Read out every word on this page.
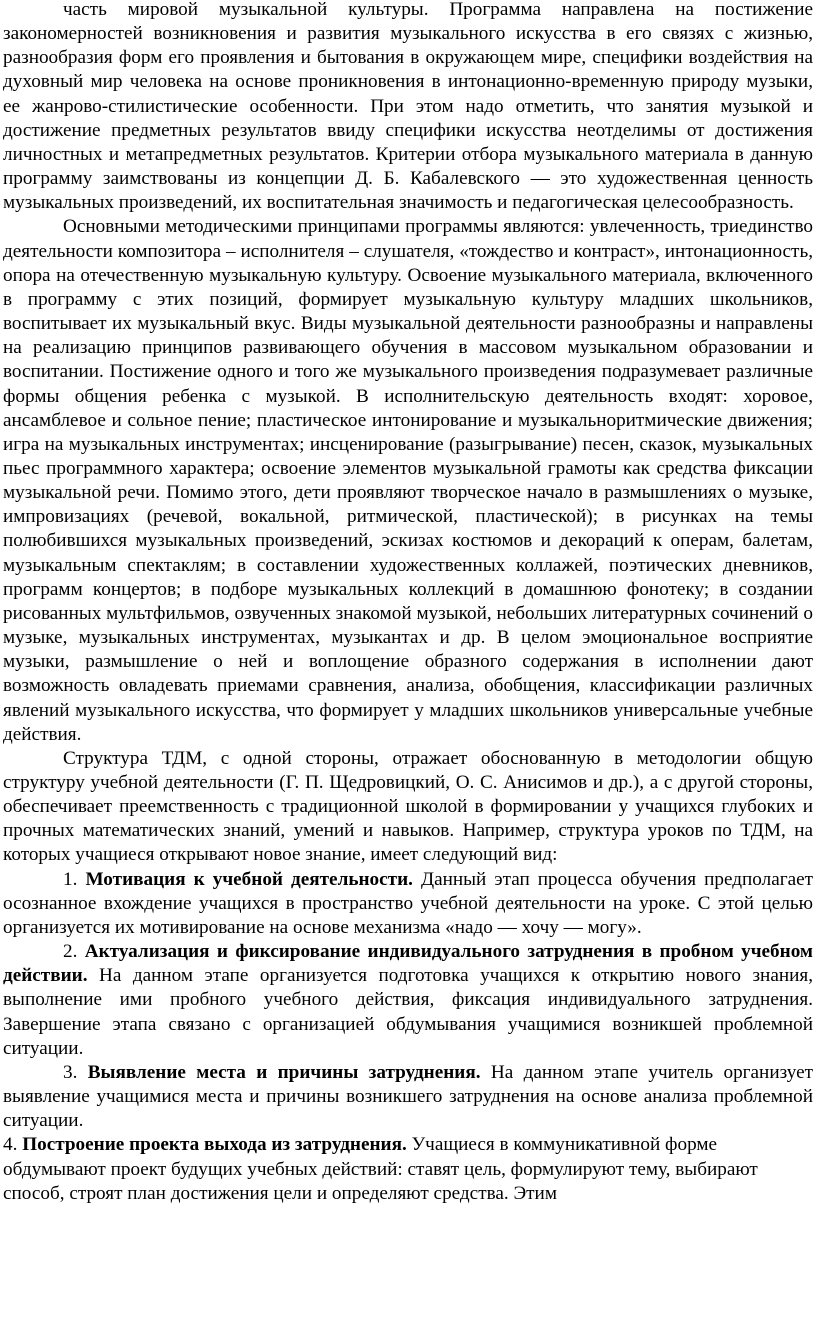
часть мировой музыкальной культуры. Программа направлена на постижение закономерностей возникновения и развития музыкального искусства в его связях с жизнью, разнообразия форм его проявления и бытования в окружающем мире, специфики воздействия на духовный мир человека на основе проникновения в интонационно-временную природу музыки, ее жанрово-стилистические особенности. При этом надо отметить, что занятия музыкой и достижение предметных результатов ввиду специфики искусства неотделимы от достижения личностных и метапредметных результатов. Критерии отбора музыкального материала в данную программу заимствованы из концепции Д. Б. Кабалевского — это художественная ценность музыкальных произведений, их воспитательная значимость и педагогическая целесообразность.

Основными методическими принципами программы являются: увлеченность, триединство деятельности композитора – исполнителя – слушателя, «тождество и контраст», интонационность, опора на отечественную музыкальную культуру. Освоение музыкального материала, включенного в программу с этих позиций, формирует музыкальную культуру младших школьников, воспитывает их музыкальный вкус. Виды музыкальной деятельности разнообразны и направлены на реализацию принципов развивающего обучения в массовом музыкальном образовании и воспитании. Постижение одного и того же музыкального произведения подразумевает различные формы общения ребенка с музыкой. В исполнительскую деятельность входят: хоровое, ансамблевое и сольное пение; пластическое интонирование и музыкальноритмические движения; игра на музыкальных инструментах; инсценирование (разыгрывание) песен, сказок, музыкальных пьес программного характера; освоение элементов музыкальной грамоты как средства фиксации музыкальной речи. Помимо этого, дети проявляют творческое начало в размышлениях о музыке, импровизациях (речевой, вокальной, ритмической, пластической); в рисунках на темы полюбившихся музыкальных произведений, эскизах костюмов и декораций к операм, балетам, музыкальным спектаклям; в составлении художественных коллажей, поэтических дневников, программ концертов; в подборе музыкальных коллекций в домашнюю фонотеку; в создании рисованных мультфильмов, озвученных знакомой музыкой, небольших литературных сочинений о музыке, музыкальных инструментах, музыкантах и др. В целом эмоциональное восприятие музыки, размышление о ней и воплощение образного содержания в исполнении дают возможность овладевать приемами сравнения, анализа, обобщения, классификации различных явлений музыкального искусства, что формирует у младших школьников универсальные учебные действия.

Структура ТДМ, с одной стороны, отражает обоснованную в методологии общую структуру учебной деятельности (Г. П. Щедровицкий, О. С. Анисимов и др.), а с другой стороны, обеспечивает преемственность с традиционной школой в формировании у учащихся глубоких и прочных математических знаний, умений и навыков. Например, структура уроков по ТДМ, на которых учащиеся открывают новое знание, имеет следующий вид:

1. Мотивация к учебной деятельности. Данный этап процесса обучения предполагает осознанное вхождение учащихся в пространство учебной деятельности на уроке. С этой целью организуется их мотивирование на основе механизма «надо — хочу — могу».

2. Актуализация и фиксирование индивидуального затруднения в пробном учебном действии. На данном этапе организуется подготовка учащихся к открытию нового знания, выполнение ими пробного учебного действия, фиксация индивидуального затруднения. Завершение этапа связано с организацией обдумывания учащимися возникшей проблемной ситуации.

3. Выявление места и причины затруднения. На данном этапе учитель организует выявление учащимися места и причины возникшего затруднения на основе анализа проблемной ситуации.

4. Построение проекта выхода из затруднения. Учащиеся в коммуникативной форме обдумывают проект будущих учебных действий: ставят цель, формулируют тему, выбирают способ, строят план достижения цели и определяют средства. Этим
